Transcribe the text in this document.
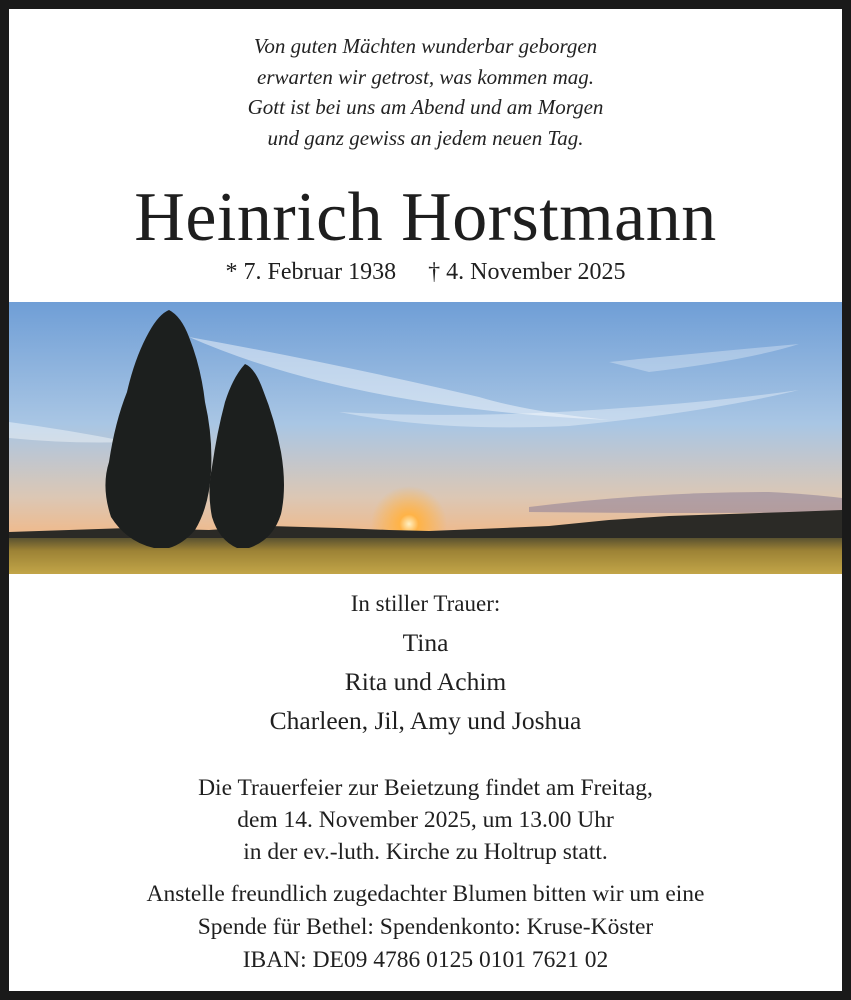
Von guten Mächten wunderbar geborgen
erwarten wir getrost, was kommen mag.
Gott ist bei uns am Abend und am Morgen
und ganz gewiss an jedem neuen Tag.
Heinrich Horstmann
* 7. Februar 1938 † 4. November 2025
In stiller Trauer:
Tina
Rita und Achim
Charleen, Jil, Amy und Joshua
Die Trauerfeier zur Beietzung findet am Freitag,
dem 14. November 2025, um 13.00 Uhr
in der ev.-luth. Kirche zu Holtrup statt.
Anstelle freundlich zugedachter Blumen bitten wir um eine
Spende für Bethel: Spendenkonto: Kruse-Köster
IBAN: DE09 4786 0125 0101 7621 02
